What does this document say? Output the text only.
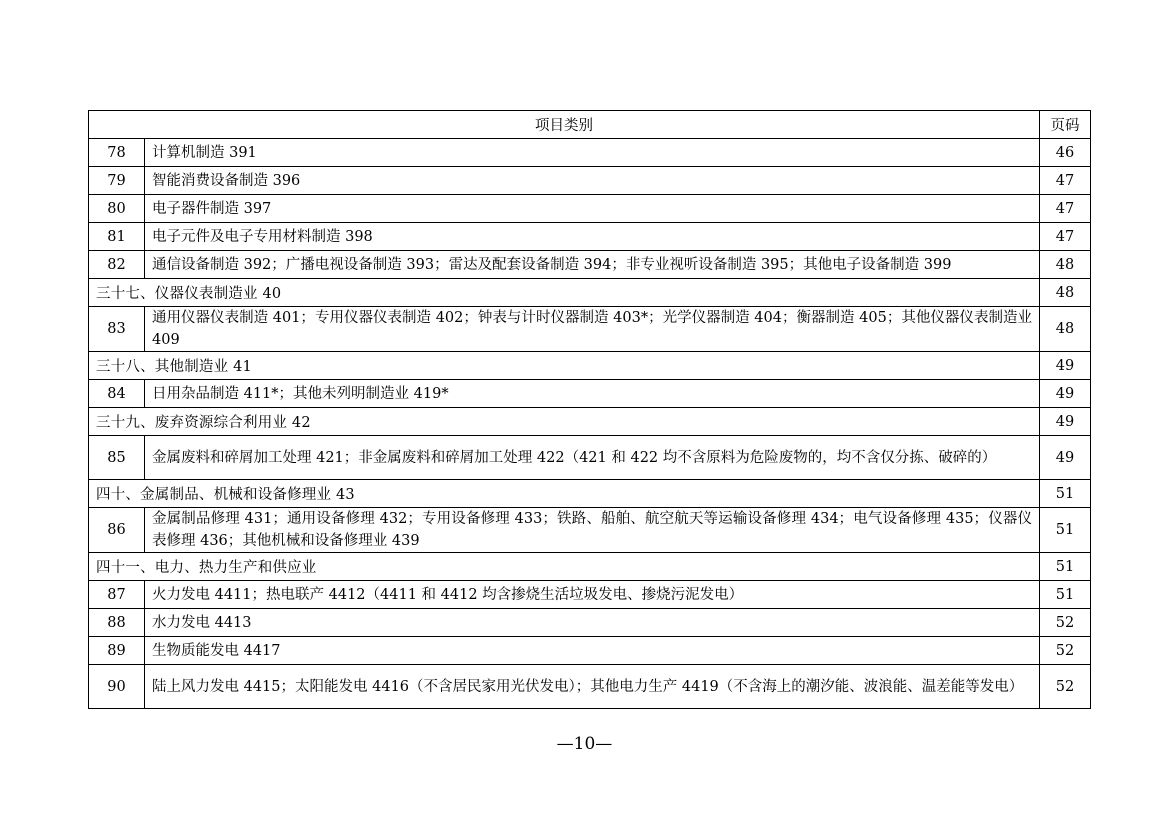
项目类别		页码
78	计算机制造 391	46
79	智能消费设备制造 396	47
80	电子器件制造 397	47
81	电子元件及电子专用材料制造 398	47
82	通信设备制造 392；广播电视设备制造 393；雷达及配套设备制造 394；非专业视听设备制造 395；其他电子设备制造 399	48
三十七、仪器仪表制造业 40		48
83	通用仪器仪表制造 401；专用仪器仪表制造 402；钟表与计时仪器制造 403*；光学仪器制造 404；衡器制造 405；其他仪器仪表制造业 409	48
三十八、其他制造业 41		49
84	日用杂品制造 411*；其他未列明制造业 419*	49
三十九、废弃资源综合利用业 42		49
85	金属废料和碎屑加工处理 421；非金属废料和碎屑加工处理 422（421 和 422 均不含原料为危险废物的，均不含仅分拣、破碎的）	49
四十、金属制品、机械和设备修理业 43		51
86	金属制品修理 431；通用设备修理 432；专用设备修理 433；铁路、船舶、航空航天等运输设备修理 434；电气设备修理 435；仪器仪表修理 436；其他机械和设备修理业 439	51
四十一、电力、热力生产和供应业		51
87	火力发电 4411；热电联产 4412（4411 和 4412 均含掺烧生活垃圾发电、掺烧污泥发电）	51
88	水力发电 4413	52
89	生物质能发电 4417	52
90	陆上风力发电 4415；太阳能发电 4416（不含居民家用光伏发电）；其他电力生产 4419（不含海上的潮汐能、波浪能、温差能等发电）	52
—10—
